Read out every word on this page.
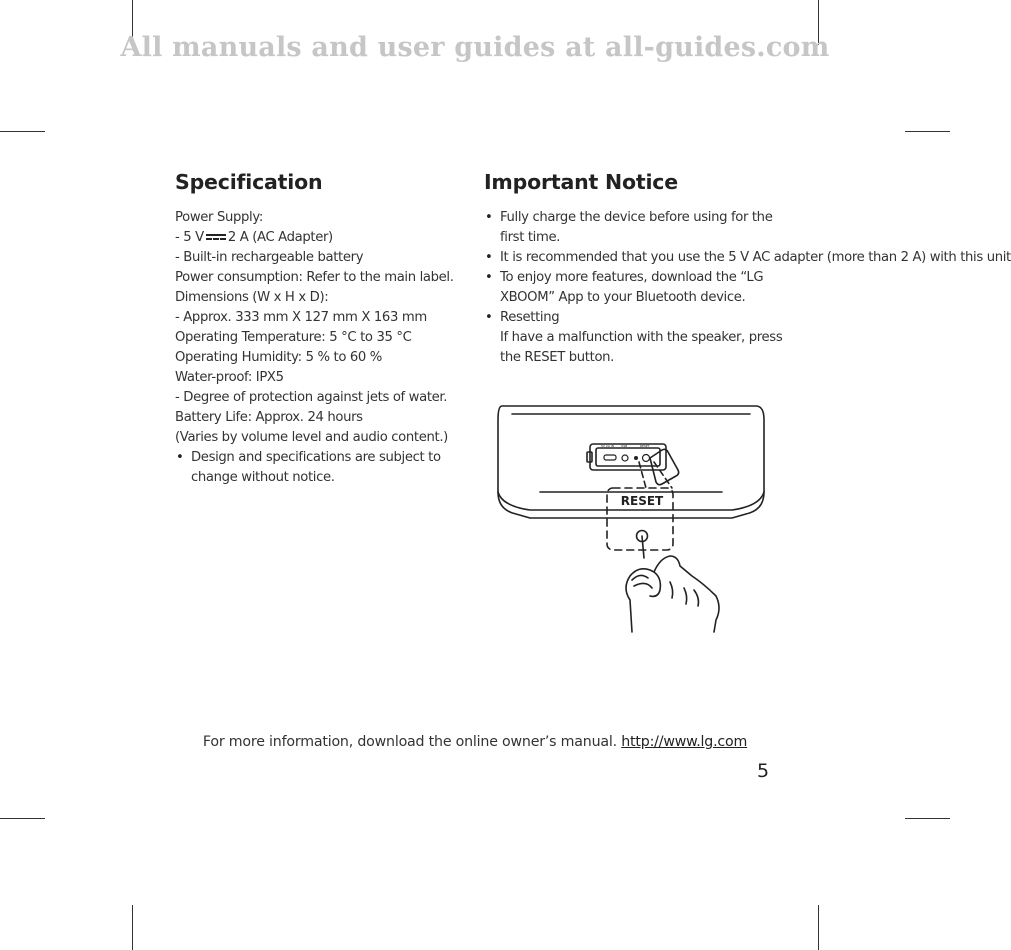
All manuals and user guides at all-guides.com
Specification
Power Supply:
- 5 V 2 A (AC Adapter)
- Built-in rechargeable battery
Power consumption: Refer to the main label.
Dimensions (W x H x D):
- Approx. 333 mm X 127 mm X 163 mm
Operating Temperature: 5 °C to 35 °C
Operating Humidity: 5 % to 60 %
Water-proof: IPX5
- Degree of protection against jets of water.
Battery Life: Approx. 24 hours
(Varies by volume level and audio content.)
• Design and specifications are subject to change without notice.
Important Notice
• Fully charge the device before using for the first time.
• It is recommended that you use the 5 V AC adapter (more than 2 A) with this unit
• To enjoy more features, download the “LG XBOOM” App to your Bluetooth device.
• Resetting
If have a malfunction with the speaker, press the RESET button.
RESET
5V 2A IN USB	RESET
For more information, download the online owner’s manual. http://www.lg.com
5
